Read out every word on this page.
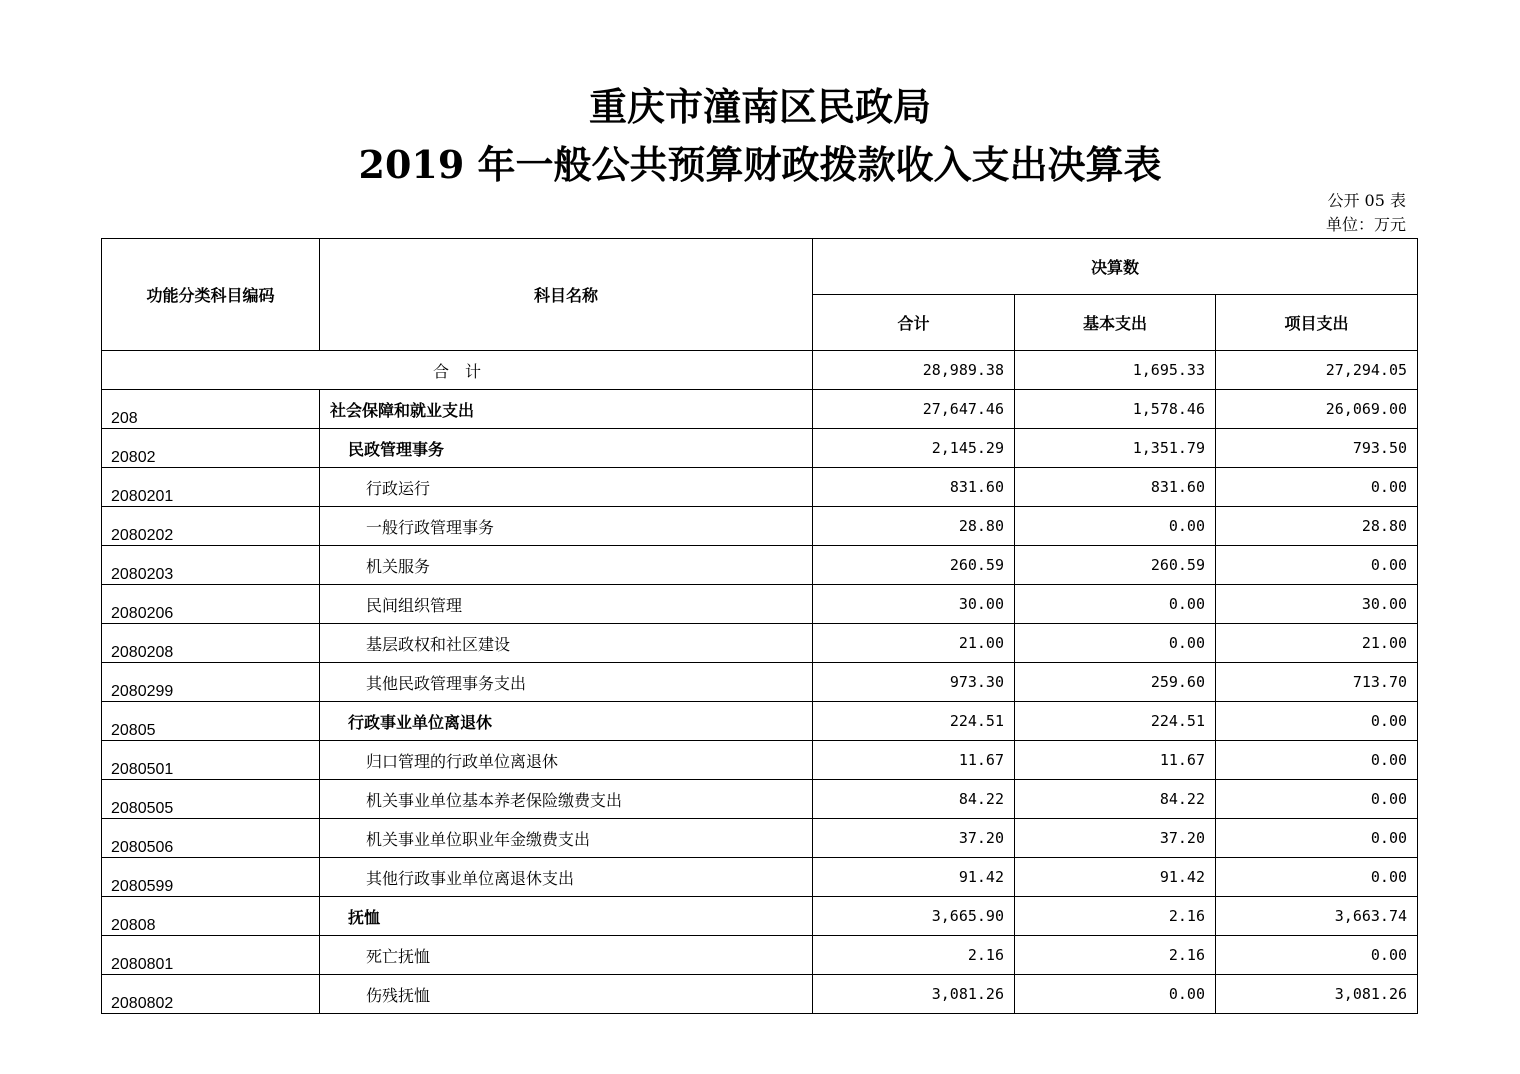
重庆市潼南区民政局
2019 年一般公共预算财政拨款收入支出决算表
公开 05 表
单位：万元
功能分类科目编码	科目名称	决算数		
		合计	基本支出	项目支出
合　计		28,989.38	1,695.33	27,294.05
208	社会保障和就业支出	27,647.46	1,578.46	26,069.00
20802	民政管理事务	2,145.29	1,351.79	793.50
2080201	行政运行	831.60	831.60	0.00
2080202	一般行政管理事务	28.80	0.00	28.80
2080203	机关服务	260.59	260.59	0.00
2080206	民间组织管理	30.00	0.00	30.00
2080208	基层政权和社区建设	21.00	0.00	21.00
2080299	其他民政管理事务支出	973.30	259.60	713.70
20805	行政事业单位离退休	224.51	224.51	0.00
2080501	归口管理的行政单位离退休	11.67	11.67	0.00
2080505	机关事业单位基本养老保险缴费支出	84.22	84.22	0.00
2080506	机关事业单位职业年金缴费支出	37.20	37.20	0.00
2080599	其他行政事业单位离退休支出	91.42	91.42	0.00
20808	抚恤	3,665.90	2.16	3,663.74
2080801	死亡抚恤	2.16	2.16	0.00
2080802	伤残抚恤	3,081.26	0.00	3,081.26
